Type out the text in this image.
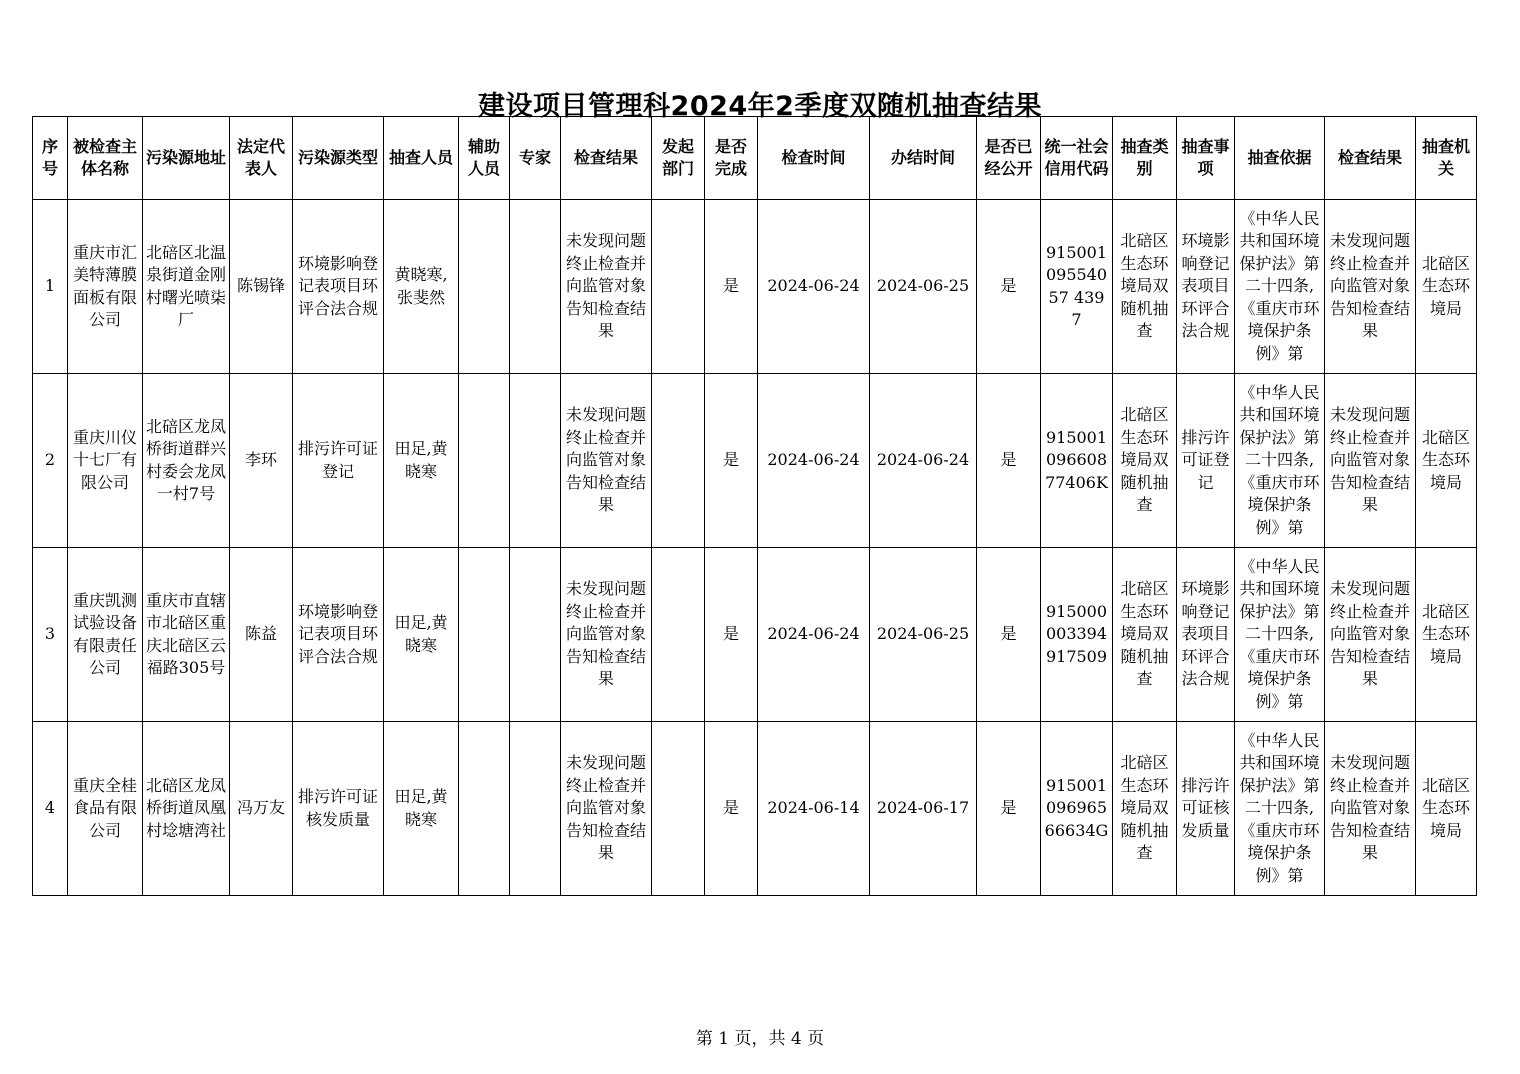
建设项目管理科2024年2季度双随机抽查结果
序号	被检查主体名称	污染源地址	法定代表人	污染源类型	抽查人员	辅助人员	专家	检查结果	发起部门	是否完成	检查时间	办结时间	是否已经公开	统一社会信用代码	抽查类别	抽查事项	抽查依据	检查结果	抽查机关
1	重庆市汇美特薄膜面板有限公司	北碚区北温泉街道金刚村曙光喷柒厂	陈锡锋	环境影响登记表项目环评合法合规	黄晓寒,张斐然			未发现问题终止检查并向监管对象告知检查结果		是	2024-06-24	2024-06-25	是	91500109554057 4397	北碚区生态环境局双随机抽查	环境影响登记表项目环评合法合规	《中华人民共和国环境保护法》第二十四条,《重庆市环境保护条例》第	未发现问题终止检查并向监管对象告知检查结果	北碚区生态环境局
2	重庆川仪十七厂有限公司	北碚区龙凤桥街道群兴村委会龙凤一村7号	李环	排污许可证登记	田足,黄晓寒			未发现问题终止检查并向监管对象告知检查结果		是	2024-06-24	2024-06-24	是	91500109660877406K	北碚区生态环境局双随机抽查	排污许可证登记	《中华人民共和国环境保护法》第二十四条,《重庆市环境保护条例》第	未发现问题终止检查并向监管对象告知检查结果	北碚区生态环境局
3	重庆凯测试验设备有限责任公司	重庆市直辖市北碚区重庆北碚区云福路305号	陈益	环境影响登记表项目环评合法合规	田足,黄晓寒			未发现问题终止检查并向监管对象告知检查结果		是	2024-06-24	2024-06-25	是	915000003394917509	北碚区生态环境局双随机抽查	环境影响登记表项目环评合法合规	《中华人民共和国环境保护法》第二十四条,《重庆市环境保护条例》第	未发现问题终止检查并向监管对象告知检查结果	北碚区生态环境局
4	重庆全桂食品有限公司	北碚区龙凤桥街道凤凰村埝塘湾社	冯万友	排污许可证核发质量	田足,黄晓寒			未发现问题终止检查并向监管对象告知检查结果		是	2024-06-14	2024-06-17	是	91500109696566634G	北碚区生态环境局双随机抽查	排污许可证核发质量	《中华人民共和国环境保护法》第二十四条,《重庆市环境保护条例》第	未发现问题终止检查并向监管对象告知检查结果	北碚区生态环境局
第 1 页，共 4 页
